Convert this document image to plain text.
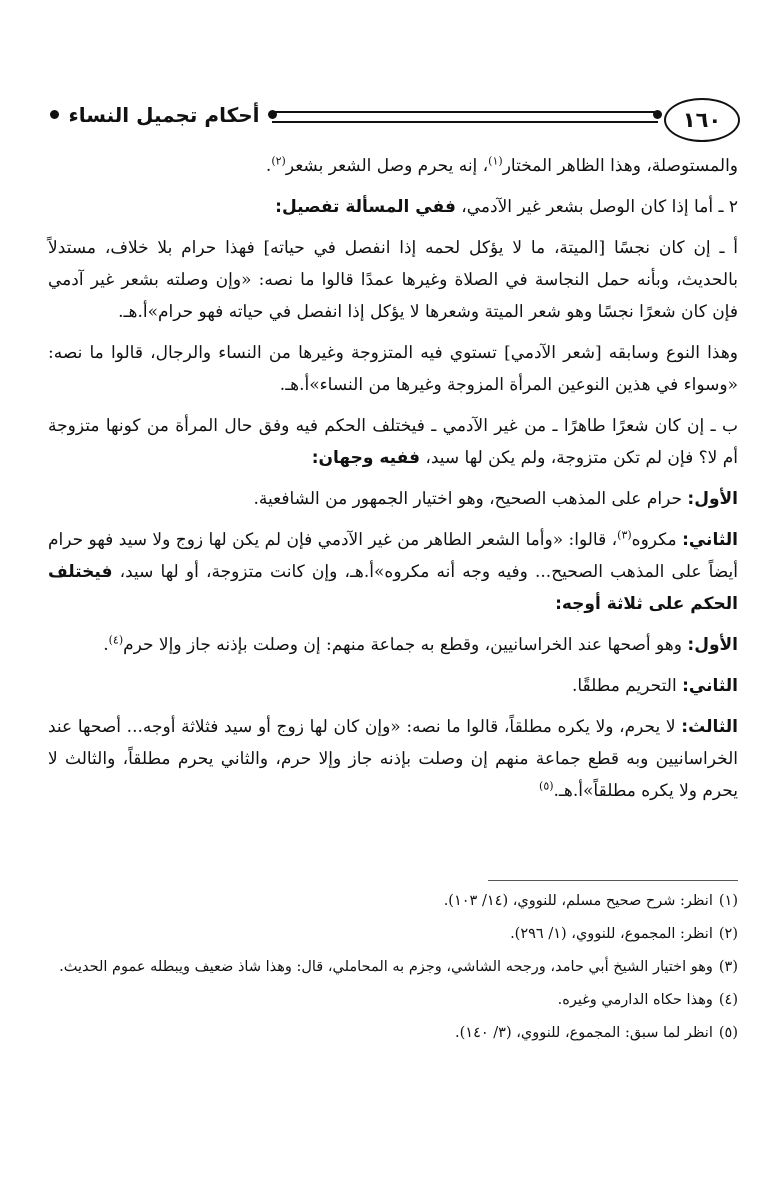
١٦٠
أحكام تجميل النساء

والمستوصلة، وهذا الظاهر المختار$^{(١)}$، إنه يحرم وصل الشعر بشعر$^{(٢)}$.

٢ ـ أما إذا كان الوصل بشعر غير الآدمي، ففي المسألة تفصيل:

أ ـ إن كان نجسًا [الميتة، ما لا يؤكل لحمه إذا انفصل في حياته] فهذا حرام بلا خلاف، مستدلاً بالحديث، وبأنه حمل النجاسة في الصلاة وغيرها عمدًا قالوا ما نصه: «وإن وصلته بشعر غير آدمي فإن كان شعرًا نجسًا وهو شعر الميتة وشعرها لا يؤكل إذا انفصل في حياته فهو حرام»أ.هـ.

وهذا النوع وسابقه [شعر الآدمي] تستوي فيه المتزوجة وغيرها من النساء والرجال، قالوا ما نصه: «وسواء في هذين النوعين المرأة المزوجة وغيرها من النساء»أ.هـ.

ب ـ إن كان شعرًا طاهرًا ـ من غير الآدمي ـ فيختلف الحكم فيه وفق حال المرأة من كونها متزوجة أم لا؟ فإن لم تكن متزوجة، ولم يكن لها سيد، ففيه وجهان:

الأول: حرام على المذهب الصحيح، وهو اختيار الجمهور من الشافعية.

الثاني: مكروه$^{(٣)}$، قالوا: «وأما الشعر الطاهر من غير الآدمي فإن لم يكن لها زوج ولا سيد فهو حرام أيضاً على المذهب الصحيح... وفيه وجه أنه مكروه»أ.هـ، وإن كانت متزوجة، أو لها سيد، فيختلف الحكم على ثلاثة أوجه:

الأول: وهو أصحها عند الخراسانيين، وقطع به جماعة منهم: إن وصلت بإذنه جاز وإلا حرم$^{(٤)}$.

الثاني: التحريم مطلقًا.

الثالث: لا يحرم، ولا يكره مطلقاً، قالوا ما نصه: «وإن كان لها زوج أو سيد فثلاثة أوجه... أصحها عند الخراسانيين وبه قطع جماعة منهم إن وصلت بإذنه جاز وإلا حرم، والثاني يحرم مطلقاً، والثالث لا يحرم ولا يكره مطلقاً»أ.هـ.$^{(٥)}$

(١)انظر: شرح صحيح مسلم، للنووي، (١٤/ ١٠٣).

(٢)انظر: المجموع، للنووي، (١/ ٢٩٦).

(٣)وهو اختيار الشيخ أبي حامد، ورجحه الشاشي، وجزم به المحاملي، قال: وهذا شاذ ضعيف ويبطله عموم الحديث.

(٤)وهذا حكاه الدارمي وغيره.

(٥)انظر لما سبق: المجموع، للنووي، (٣/ ١٤٠).
